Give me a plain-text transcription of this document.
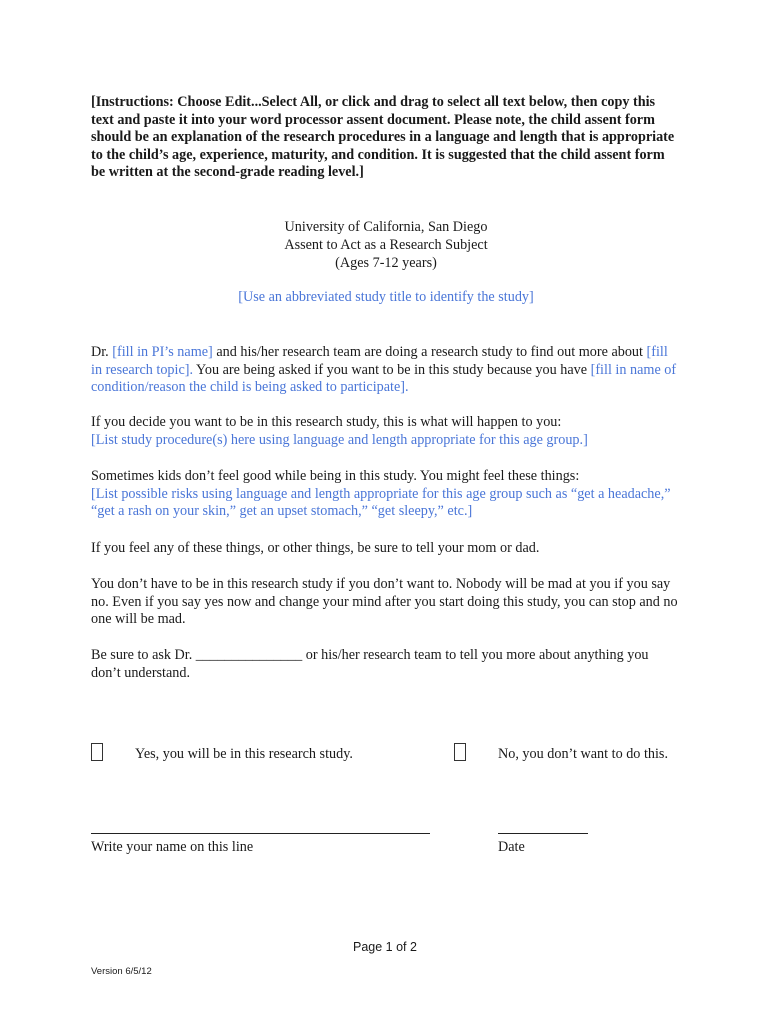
[Instructions: Choose Edit...Select All, or click and drag to select all text below, then copy this text and paste it into your word processor assent document. Please note, the child assent form should be an explanation of the research procedures in a language and length that is appropriate to the child’s age, experience, maturity, and condition. It is suggested that the child assent form be written at the second-grade reading level.]
University of California, San Diego
Assent to Act as a Research Subject
(Ages 7-12 years)
[Use an abbreviated study title to identify the study]
Dr. [fill in PI’s name] and his/her research team are doing a research study to find out more about [fill in research topic]. You are being asked if you want to be in this study because you have [fill in name of condition/reason the child is being asked to participate].
If you decide you want to be in this research study, this is what will happen to you:
[List study procedure(s) here using language and length appropriate for this age group.]
Sometimes kids don’t feel good while being in this study. You might feel these things:
[List possible risks using language and length appropriate for this age group such as “get a headache,” “get a rash on your skin,” get an upset stomach,” “get sleepy,” etc.]
If you feel any of these things, or other things, be sure to tell your mom or dad.
You don’t have to be in this research study if you don’t want to. Nobody will be mad at you if you say no. Even if you say yes now and change your mind after you start doing this study, you can stop and no one will be mad.
Be sure to ask Dr. _______________ or his/her research team to tell you more about anything you don’t understand.
Yes, you will be in this research study.	No, you don’t want to do this.
Write your name on this line	Date
Page 1 of 2
Version 6/5/12
